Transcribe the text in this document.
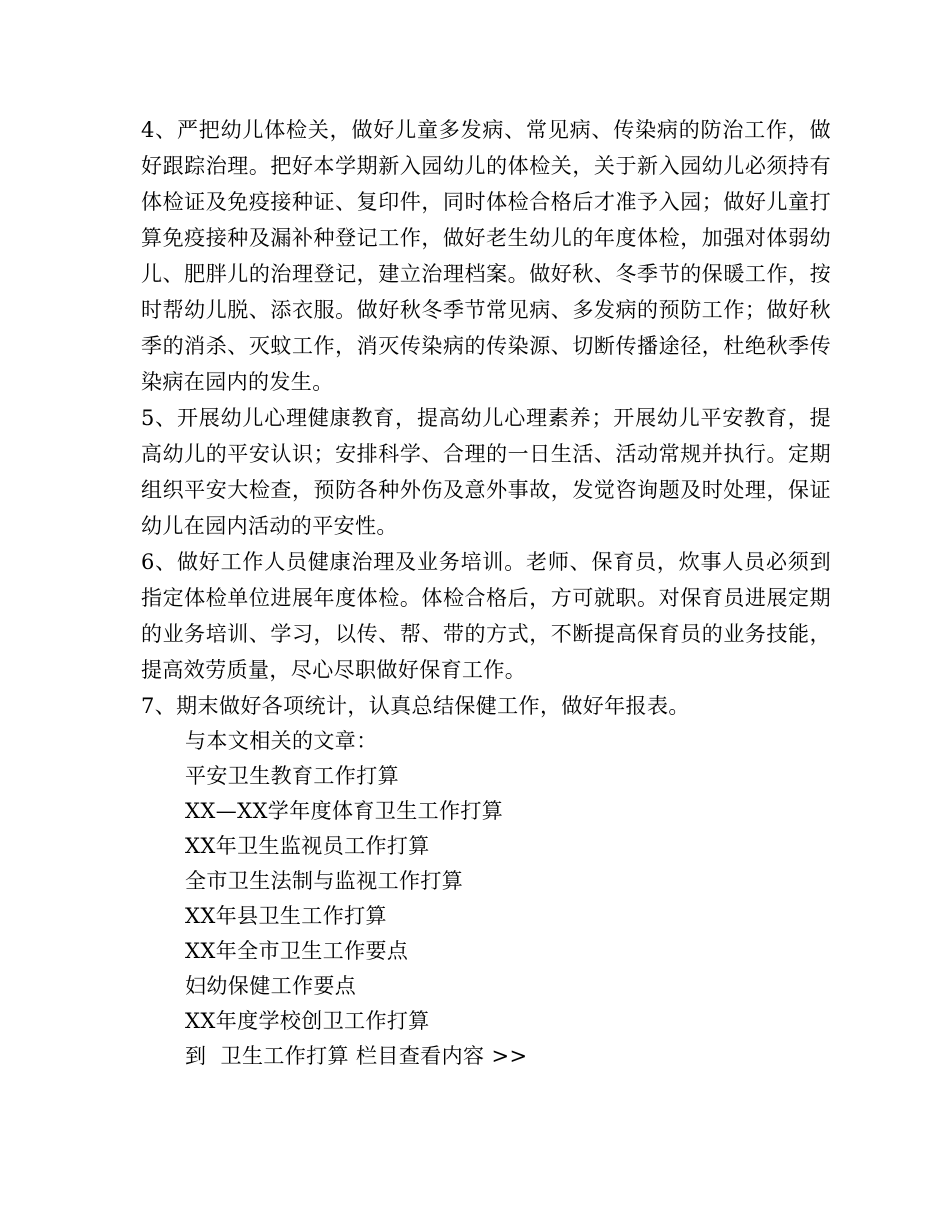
4、严把幼儿体检关，做好儿童多发病、常见病、传染病的防治工作，做好跟踪治理。把好本学期新入园幼儿的体检关，关于新入园幼儿必须持有体检证及免疫接种证、复印件，同时体检合格后才准予入园；做好儿童打算免疫接种及漏补种登记工作，做好老生幼儿的年度体检，加强对体弱幼儿、肥胖儿的治理登记，建立治理档案。做好秋、冬季节的保暖工作，按时帮幼儿脱、添衣服。做好秋冬季节常见病、多发病的预防工作；做好秋季的消杀、灭蚊工作，消灭传染病的传染源、切断传播途径，杜绝秋季传染病在园内的发生。

5、开展幼儿心理健康教育，提高幼儿心理素养；开展幼儿平安教育，提高幼儿的平安认识；安排科学、合理的一日生活、活动常规并执行。定期组织平安大检查，预防各种外伤及意外事故，发觉咨询题及时处理，保证幼儿在园内活动的平安性。

6、做好工作人员健康治理及业务培训。老师、保育员，炊事人员必须到指定体检单位进展年度体检。体检合格后，方可就职。对保育员进展定期的业务培训、学习，以传、帮、带的方式，不断提高保育员的业务技能，提高效劳质量，尽心尽职做好保育工作。

7、期末做好各项统计，认真总结保健工作，做好年报表。

与本文相关的文章：
平安卫生教育工作打算
XX—XX学年度体育卫生工作打算
XX年卫生监视员工作打算
全市卫生法制与监视工作打算
XX年县卫生工作打算
XX年全市卫生工作要点
妇幼保健工作要点
XX年度学校创卫工作打算
到  卫生工作打算 栏目查看内容 >>
